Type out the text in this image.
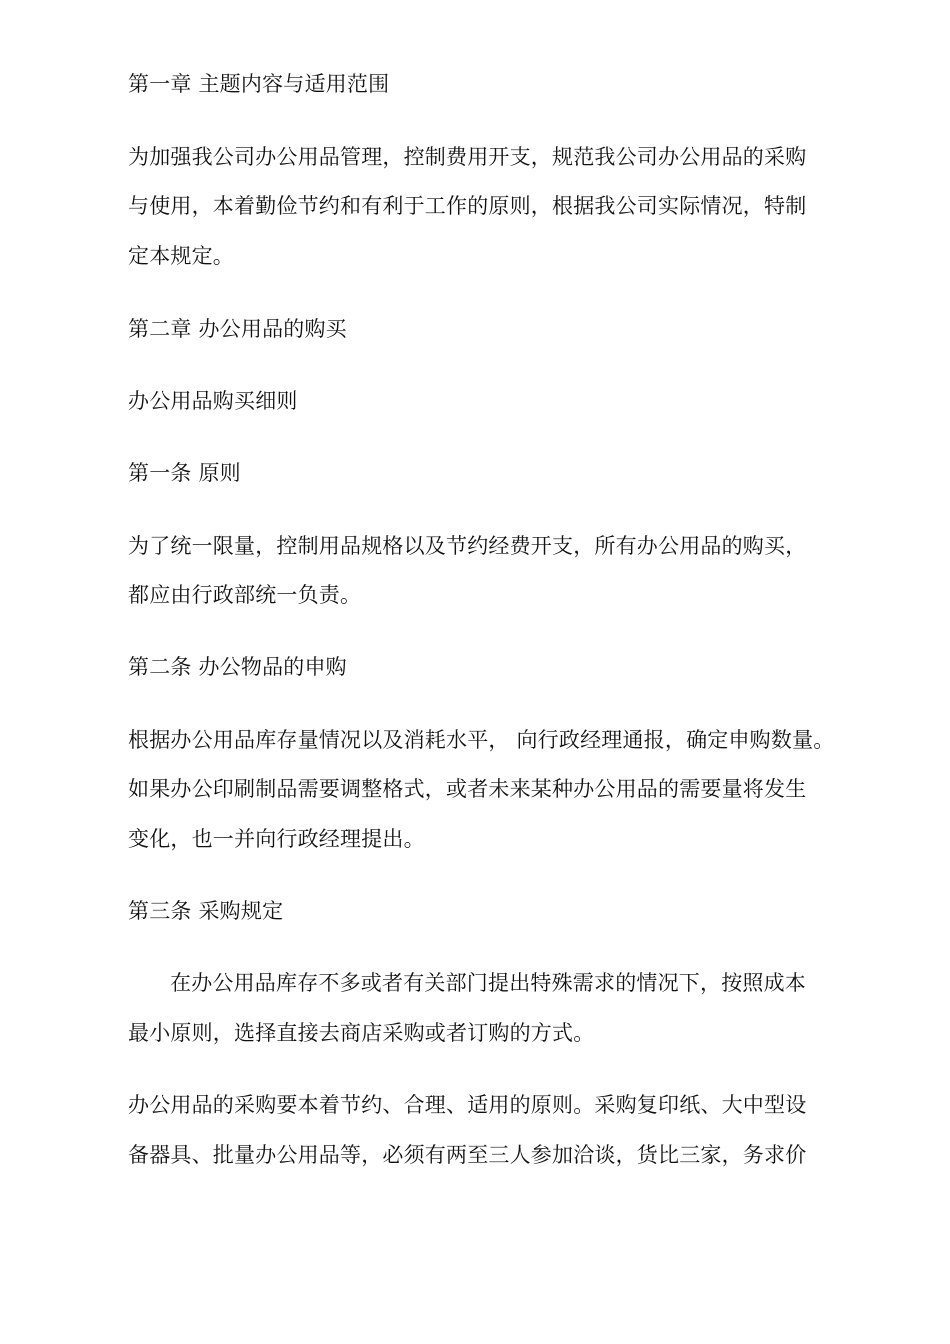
第一章 主题内容与适用范围
为加强我公司办公用品管理，控制费用开支，规范我公司办公用品的采购
与使用，本着勤俭节约和有利于工作的原则，根据我公司实际情况，特制
定本规定。
第二章 办公用品的购买
办公用品购买细则
第一条 原则
为了统一限量，控制用品规格以及节约经费开支，所有办公用品的购买，
都应由行政部统一负责。
第二条 办公物品的申购
根据办公用品库存量情况以及消耗水平， 向行政经理通报，确定申购数量。
如果办公印刷制品需要调整格式，或者未来某种办公用品的需要量将发生
变化，也一并向行政经理提出。
第三条 采购规定
在办公用品库存不多或者有关部门提出特殊需求的情况下，按照成本
最小原则，选择直接去商店采购或者订购的方式。
办公用品的采购要本着节约、合理、适用的原则。采购复印纸、大中型设
备器具、批量办公用品等，必须有两至三人参加洽谈，货比三家，务求价
